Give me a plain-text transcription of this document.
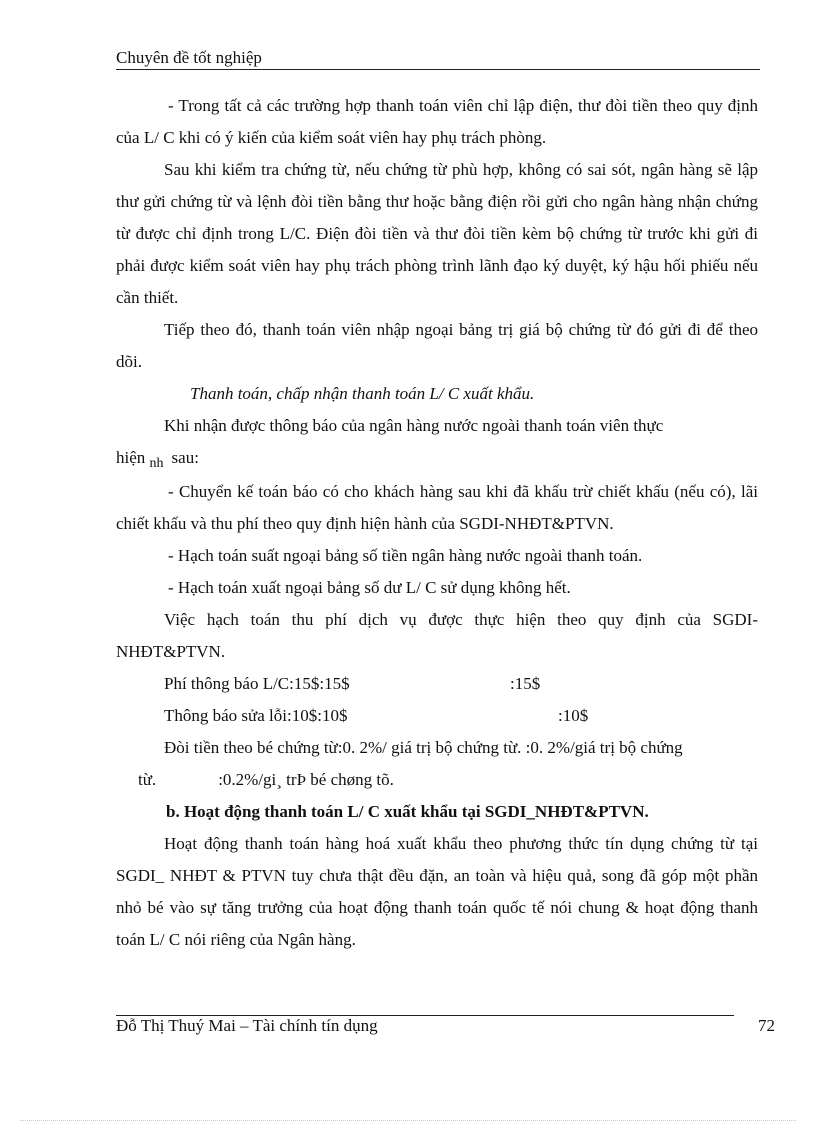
Chuyên đề tốt nghiệp

- Trong tất cả các trường hợp thanh toán viên chỉ lập điện, thư đòi tiền theo quy định của L/ C khi có ý kiến của kiểm soát viên hay phụ trách phòng.

Sau khi kiểm tra chứng từ, nếu chứng từ phù hợp, không có sai sót, ngân hàng sẽ lập thư gửi chứng từ và lệnh đòi tiền bằng thư hoặc bằng điện rồi gửi cho ngân hàng nhận chứng từ được chỉ định trong L/C. Điện đòi tiền và thư đòi tiền kèm bộ chứng từ trước khi gửi đi phải được kiểm soát viên hay phụ trách phòng trình lãnh đạo ký duyệt, ký hậu hối phiếu nếu cần thiết.

Tiếp theo đó, thanh toán viên nhập ngoại bảng trị giá bộ chứng từ đó gửi đi để theo dõi.

Thanh toán, chấp nhận thanh toán L/ C xuất khẩu.

Khi nhận được thông báo của ngân hàng nước ngoài thanh toán viên thực

hiện $_{nh}$ sau:

- Chuyển kế toán báo có cho khách hàng sau khi đã khấu trừ chiết khấu (nếu có), lãi chiết khấu và thu phí theo quy định hiện hành của SGDI-NHĐT&PTVN.

- Hạch toán suất ngoại bảng số tiền ngân hàng nước ngoài thanh toán.

- Hạch toán xuất ngoại bảng số dư L/ C sử dụng không hết.

Việc hạch toán thu phí dịch vụ được thực hiện theo quy định của SGDI-NHĐT&PTVN.

Phí thông báo L/C:15$:15$	:15$

Thông báo sửa lỗi:10$:10$	:10$

Đòi tiền theo bé chứng từ:0. 2%/ giá trị bộ chứng từ. :0. 2%/giá trị bộ chứng

từ.	:0.2%/gi¸ trÞ bé chøng tõ.

b. Hoạt động thanh toán L/ C xuất khẩu tại SGDI_NHĐT&PTVN.

Hoạt động thanh toán hàng hoá xuất khẩu theo phương thức tín dụng chứng từ tại SGDI_ NHĐT & PTVN tuy chưa thật đều đặn, an toàn và hiệu quả, song đã góp một phần nhỏ bé vào sự tăng trưởng của hoạt động thanh toán quốc tế nói chung & hoạt động thanh toán L/ C nói riêng của Ngân hàng.

Đỗ Thị Thuý Mai – Tài chính tín dụng	72
